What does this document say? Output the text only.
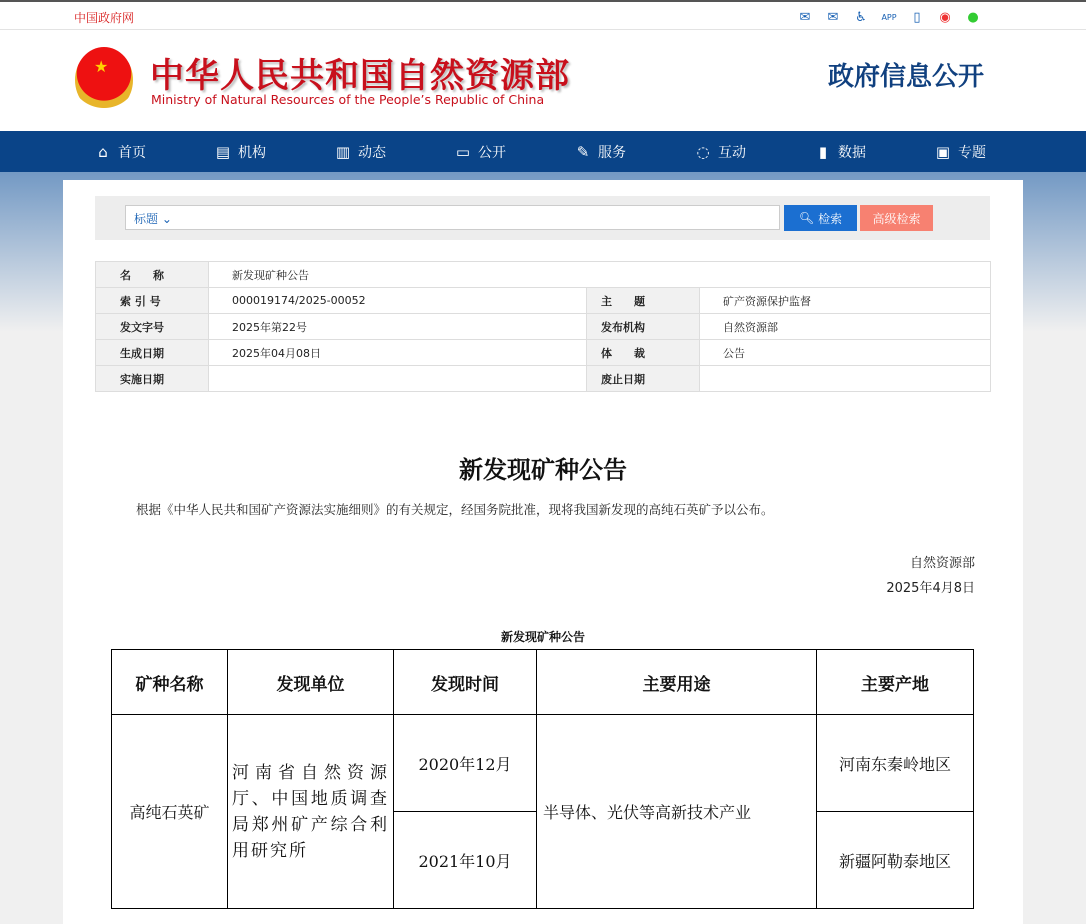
中国政府网	✉ ✉ ♿	APP	▯	◉ ●
★ 中华人民共和国自然资源部
Ministry of Natural Resources of the People’s Republic of China
政府信息公开
⌂ 首页	▤ 机构	▥ 动态	▭ 公开	✎ 服务	◌ 互动	▮ 数据	▣ 专题
标题 ⌄	🔍︎ 检索	高级检索
名　　称	新发现矿种公告		
索 引 号	000019174/2025-00052	主　　题	矿产资源保护监督
发文字号	2025年第22号	发布机构	自然资源部
生成日期	2025年04月08日	体　　裁	公告
实施日期		废止日期	
新发现矿种公告
根据《中华人民共和国矿产资源法实施细则》的有关规定，经国务院批准，现将我国新发现的高纯石英矿予以公布。
自然资源部
2025年4月8日
新发现矿种公告
矿种名称	发现单位	发现时间	主要用途	主要产地
高纯石英矿	河南省自然资源厅、中国地质调查局郑州矿产综合利用研究所	2020年12月	半导体、光伏等高新技术产业	河南东秦岭地区
		2021年10月		新疆阿勒泰地区
